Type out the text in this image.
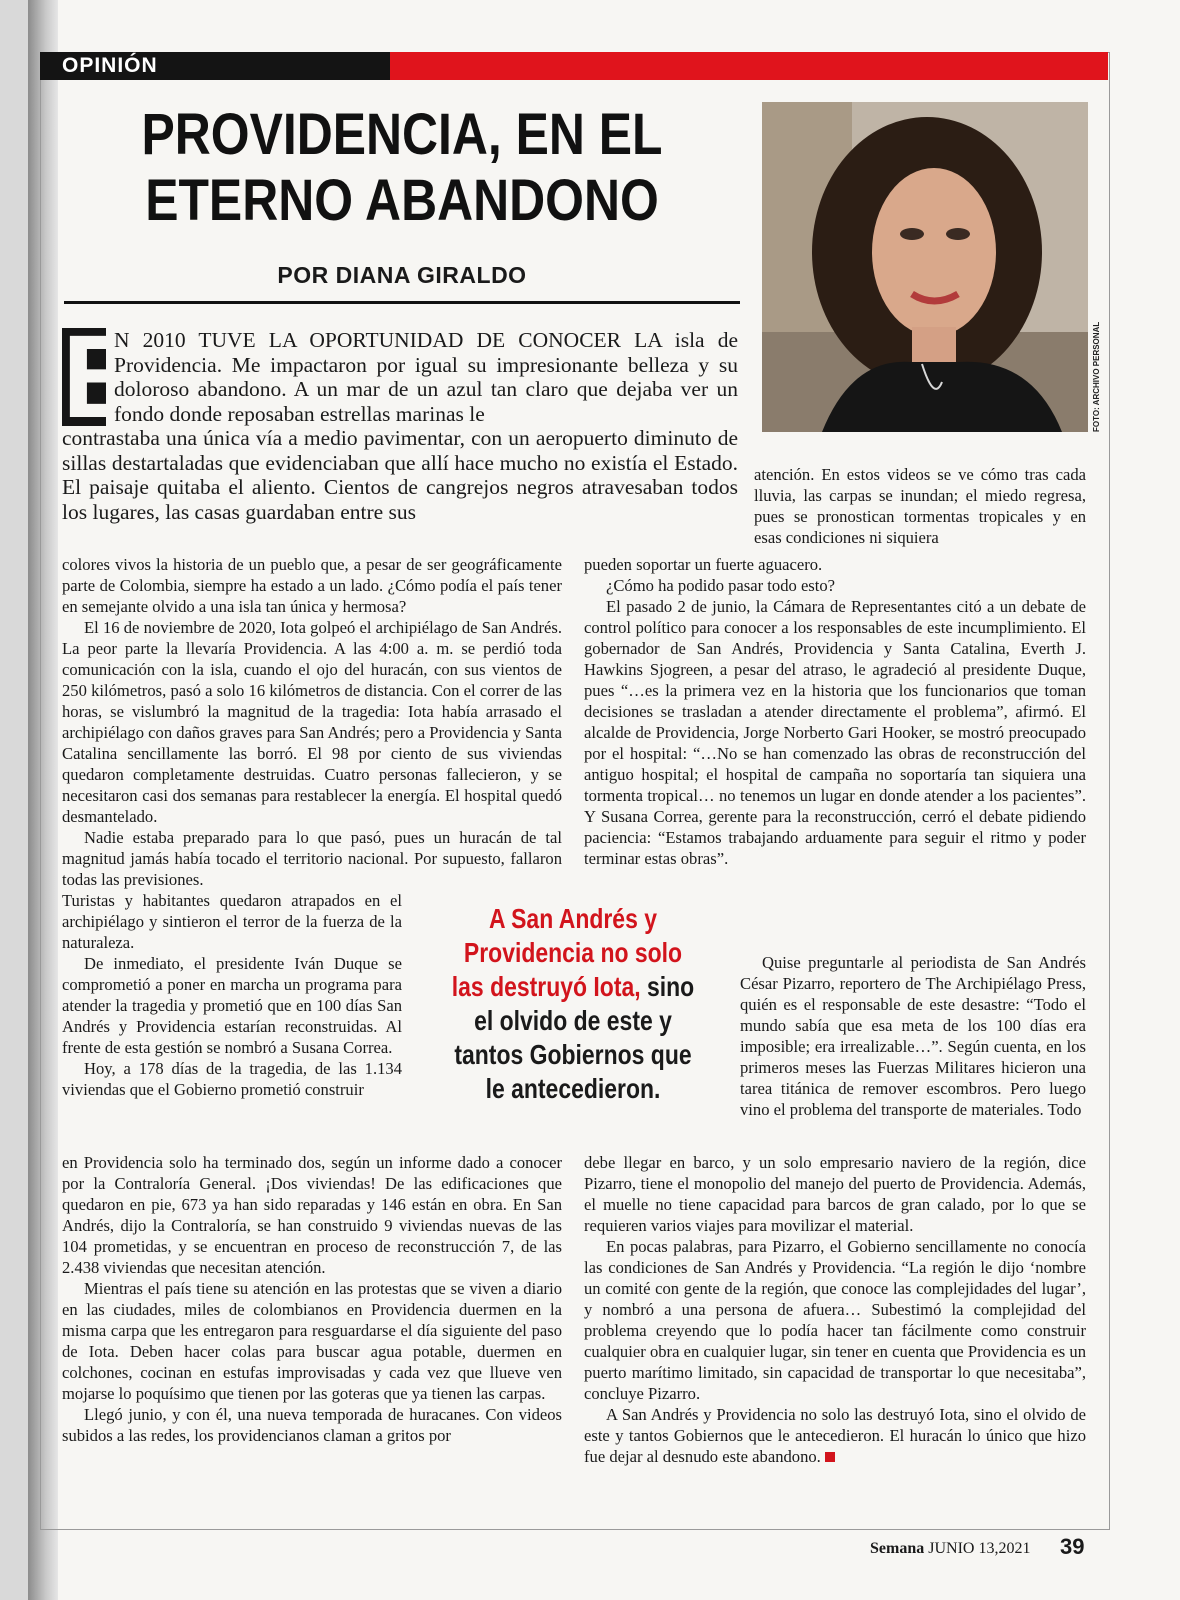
OPINIÓN
PROVIDENCIA, EN EL ETERNO ABANDONO
POR DIANA GIRALDO
FOTO: ARCHIVO PERSONAL
E

N 2010 TUVE LA OPORTUNIDAD DE CONOCER LA isla de Providencia. Me impactaron por igual su impresionante belleza y su doloroso abandono. A un mar de un azul tan claro que dejaba ver un fondo donde reposaban estrellas marinas le

contrastaba una única vía a medio pavimentar, con un aeropuerto diminuto de sillas destartaladas que evidenciaban que allí hace mucho no existía el Estado. El paisaje quitaba el aliento. Cientos de cangrejos negros atravesaban todos los lugares, las casas guardaban entre sus

colores vivos la historia de un pueblo que, a pesar de ser geográficamente parte de Colombia, siempre ha estado a un lado. ¿Cómo podía el país tener en semejante olvido a una isla tan única y hermosa?

El 16 de noviembre de 2020, Iota golpeó el archipiélago de San Andrés. La peor parte la llevaría Providencia. A las 4:00 a. m. se perdió toda comunicación con la isla, cuando el ojo del huracán, con sus vientos de 250 kilómetros, pasó a solo 16 kilómetros de distancia. Con el correr de las horas, se vislumbró la magnitud de la tragedia: Iota había arrasado el archipiélago con daños graves para San Andrés; pero a Providencia y Santa Catalina sencillamente las borró. El 98 por ciento de sus viviendas quedaron completamente destruidas. Cuatro personas fallecieron, y se necesitaron casi dos semanas para restablecer la energía. El hospital quedó desmantelado.

Nadie estaba preparado para lo que pasó, pues un huracán de tal magnitud jamás había tocado el territorio nacional. Por supuesto, fallaron todas las previsiones.

Turistas y habitantes quedaron atrapados en el archipiélago y sintieron el terror de la fuerza de la naturaleza.

De inmediato, el presidente Iván Duque se comprometió a poner en marcha un programa para atender la tragedia y prometió que en 100 días San Andrés y Providencia estarían reconstruidas. Al frente de esta gestión se nombró a Susana Correa.

Hoy, a 178 días de la tragedia, de las 1.134 viviendas que el Gobierno prometió construir

en Providencia solo ha terminado dos, según un informe dado a conocer por la Contraloría General. ¡Dos viviendas! De las edificaciones que quedaron en pie, 673 ya han sido reparadas y 146 están en obra. En San Andrés, dijo la Contraloría, se han construido 9 viviendas nuevas de las 104 prometidas, y se encuentran en proceso de reconstrucción 7, de las 2.438 viviendas que necesitan atención.

Mientras el país tiene su atención en las protestas que se viven a diario en las ciudades, miles de colombianos en Providencia duermen en la misma carpa que les entregaron para resguardarse el día siguiente del paso de Iota. Deben hacer colas para buscar agua potable, duermen en colchones, cocinan en estufas improvisadas y cada vez que llueve ven mojarse lo poquísimo que tienen por las goteras que ya tienen las carpas.

Llegó junio, y con él, una nueva temporada de huracanes. Con videos subidos a las redes, los providencianos claman a gritos por

atención. En estos videos se ve cómo tras cada lluvia, las carpas se inundan; el miedo regresa, pues se pronostican tormentas tropicales y en esas condiciones ni siquiera

pueden soportar un fuerte aguacero.

¿Cómo ha podido pasar todo esto?

El pasado 2 de junio, la Cámara de Representantes citó a un debate de control político para conocer a los responsables de este incumplimiento. El gobernador de San Andrés, Providencia y Santa Catalina, Everth J. Hawkins Sjogreen, a pesar del atraso, le agradeció al presidente Duque, pues “…es la primera vez en la historia que los funcionarios que toman decisiones se trasladan a atender directamente el problema”, afirmó. El alcalde de Providencia, Jorge Norberto Gari Hooker, se mostró preocupado por el hospital: “…No se han comenzado las obras de reconstrucción del antiguo hospital; el hospital de campaña no soportaría tan siquiera una tormenta tropical… no tenemos un lugar en donde atender a los pacientes”. Y Susana Correa, gerente para la reconstrucción, cerró el debate pidiendo paciencia: “Estamos trabajando arduamente para seguir el ritmo y poder terminar estas obras”.

Quise preguntarle al periodista de San Andrés César Pizarro, reportero de The Archipiélago Press, quién es el responsable de este desastre: “Todo el mundo sabía que esa meta de los 100 días era imposible; era irrealizable…”. Según cuenta, en los primeros meses las Fuerzas Militares hicieron una tarea titánica de remover escombros. Pero luego vino el problema del transporte de materiales. Todo

debe llegar en barco, y un solo empresario naviero de la región, dice Pizarro, tiene el monopolio del manejo del puerto de Providencia. Además, el muelle no tiene capacidad para barcos de gran calado, por lo que se requieren varios viajes para movilizar el material.

En pocas palabras, para Pizarro, el Gobierno sencillamente no conocía las condiciones de San Andrés y Providencia. “La región le dijo ‘nombre un comité con gente de la región, que conoce las complejidades del lugar’, y nombró a una persona de afuera… Subestimó la complejidad del problema creyendo que lo podía hacer tan fácilmente como construir cualquier obra en cualquier lugar, sin tener en cuenta que Providencia es un puerto marítimo limitado, sin capacidad de transportar lo que necesitaba”, concluye Pizarro.

A San Andrés y Providencia no solo las destruyó Iota, sino el olvido de este y tantos Gobiernos que le antecedieron. El huracán lo único que hizo fue dejar al desnudo este abandono.

A San Andrés y Providencia no solo las destruyó Iota, sino el olvido de este y tantos Gobiernos que le antecedieron.
Semana JUNIO 13,2021 39
